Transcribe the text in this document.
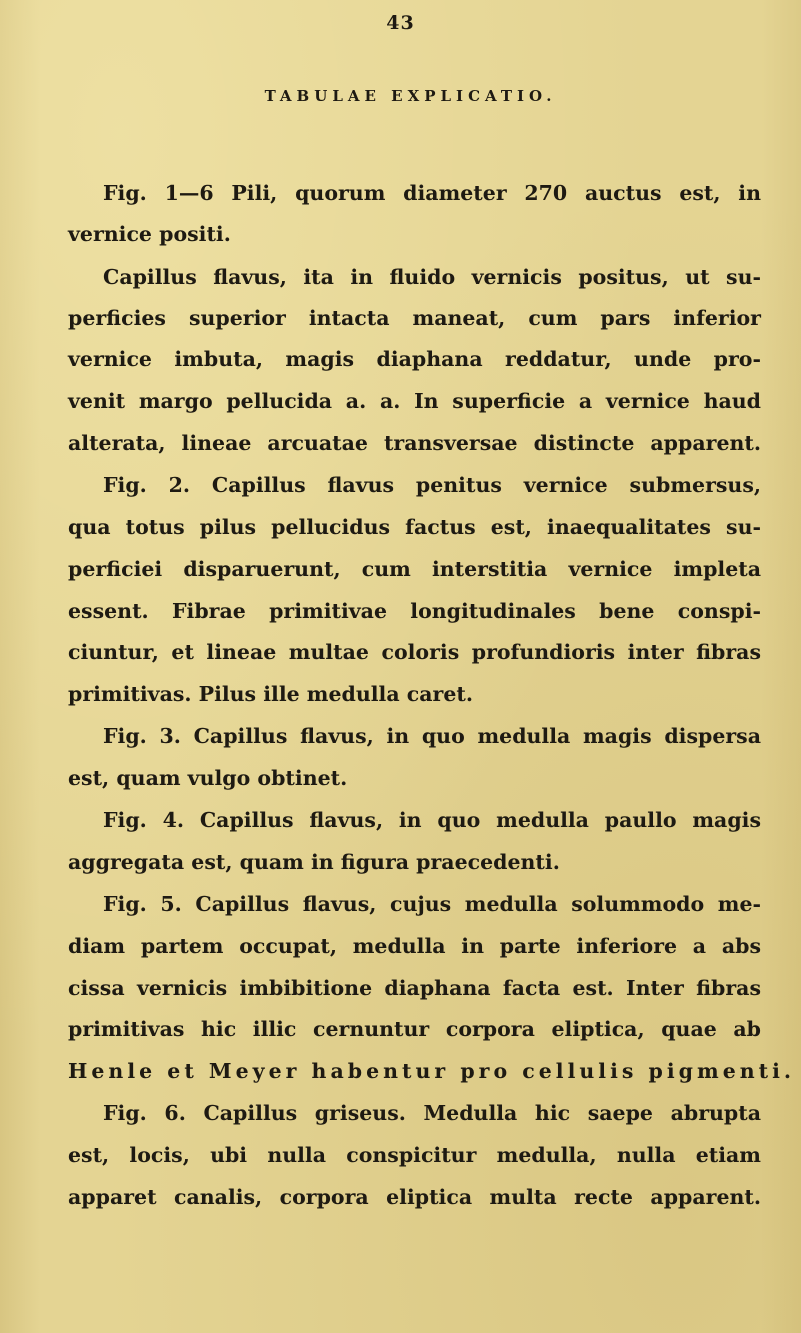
43
TABULAE EXPLICATIO.
Fig. 1—6 Pili, quorum diameter 270 auctus est, in
vernice positi.
Capillus flavus, ita in fluido vernicis positus, ut su-
perficies superior intacta maneat, cum pars inferior
vernice imbuta, magis diaphana reddatur, unde pro-
venit margo pellucida a. a. In superficie a vernice haud
alterata, lineae arcuatae transversae distincte apparent.
Fig. 2. Capillus flavus penitus vernice submersus,
qua totus pilus pellucidus factus est, inaequalitates su-
perficiei disparuerunt, cum interstitia vernice impleta
essent. Fibrae primitivae longitudinales bene conspi-
ciuntur, et lineae multae coloris profundioris inter fibras
primitivas. Pilus ille medulla caret.
Fig. 3. Capillus flavus, in quo medulla magis dispersa
est, quam vulgo obtinet.
Fig. 4. Capillus flavus, in quo medulla paullo magis
aggregata est, quam in figura praecedenti.
Fig. 5. Capillus flavus, cujus medulla solummodo me-
diam partem occupat, medulla in parte inferiore a abs
cissa vernicis imbibitione diaphana facta est. Inter fibras
primitivas hic illic cernuntur corpora eliptica, quae ab
Henle et Meyer habentur pro cellulis pigmenti.
Fig. 6. Capillus griseus. Medulla hic saepe abrupta
est, locis, ubi nulla conspicitur medulla, nulla etiam
apparet canalis, corpora eliptica multa recte apparent.
